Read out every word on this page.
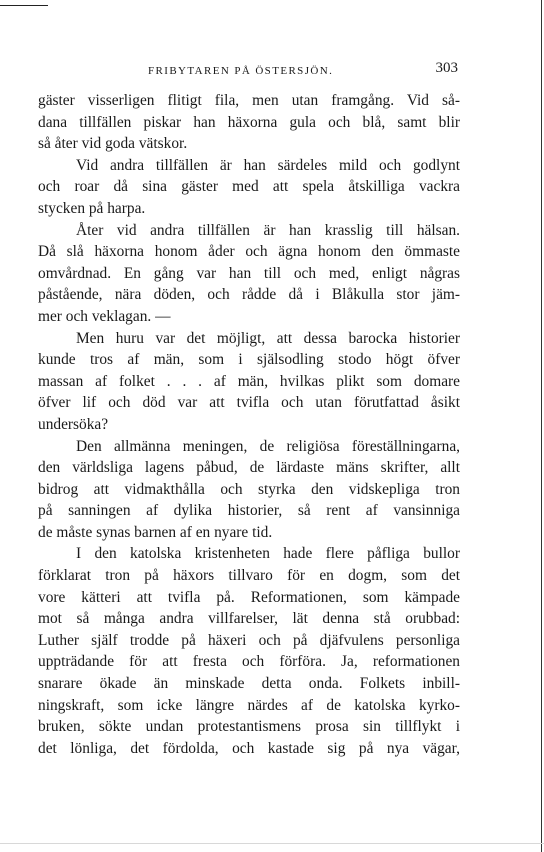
FRIBYTAREN PÅ ÖSTERSJÖN.	303
gäster visserligen flitigt fila, men utan framgång. Vid så-
dana tillfällen piskar han häxorna gula och blå, samt blir
så åter vid goda vätskor.
Vid andra tillfällen är han särdeles mild och godlynt
och roar då sina gäster med att spela åtskilliga vackra
stycken på harpa.
Åter vid andra tillfällen är han krasslig till hälsan.
Då slå häxorna honom åder och ägna honom den ömmaste
omvårdnad. En gång var han till och med, enligt någras
påstående, nära döden, och rådde då i Blåkulla stor jäm-
mer och veklagan. —
Men huru var det möjligt, att dessa barocka historier
kunde tros af män, som i själsodling stodo högt öfver
massan af folket . . . af män, hvilkas plikt som domare
öfver lif och död var att tvifla och utan förutfattad åsikt
undersöka?
Den allmänna meningen, de religiösa föreställningarna,
den världsliga lagens påbud, de lärdaste mäns skrifter, allt
bidrog att vidmakthålla och styrka den vidskepliga tron
på sanningen af dylika historier, så rent af vansinniga
de måste synas barnen af en nyare tid.
I den katolska kristenheten hade flere påfliga bullor
förklarat tron på häxors tillvaro för en dogm, som det
vore kätteri att tvifla på. Reformationen, som kämpade
mot så många andra villfarelser, lät denna stå orubbad:
Luther själf trodde på häxeri och på djäfvulens personliga
uppträdande för att fresta och förföra. Ja, reformationen
snarare ökade än minskade detta onda. Folkets inbill-
ningskraft, som icke längre närdes af de katolska kyrko-
bruken, sökte undan protestantismens prosa sin tillflykt i
det lönliga, det fördolda, och kastade sig på nya vägar,
